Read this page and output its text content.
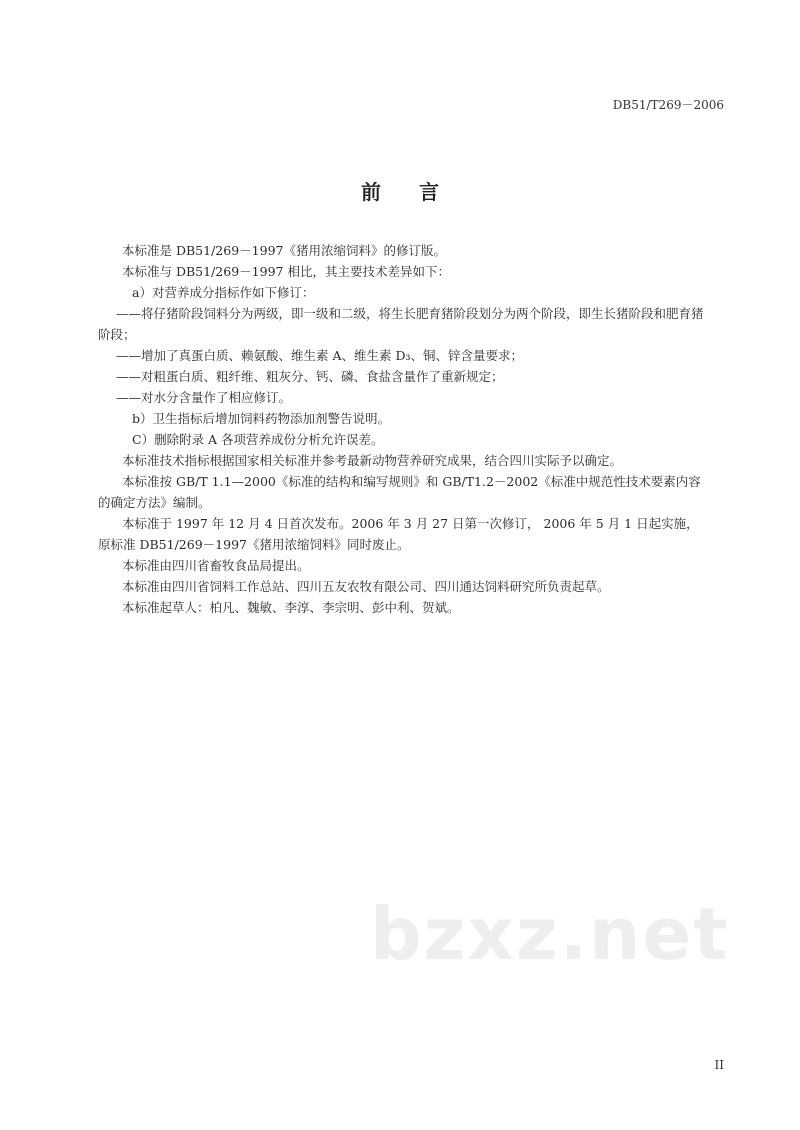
DB51/T269－2006
前言

本标准是 DB51/269－1997《猪用浓缩饲料》的修订版。

本标准与 DB51/269－1997 相比，其主要技术差异如下：

a）对营养成分指标作如下修订：

——将仔猪阶段饲料分为两级，即一级和二级，将生长肥育猪阶段划分为两个阶段，即生长猪阶段和肥育猪阶段；

——增加了真蛋白质、赖氨酸、维生素 A、维生素 D₃、铜、锌含量要求；

——对粗蛋白质、粗纤维、粗灰分、钙、磷、食盐含量作了重新规定；

——对水分含量作了相应修订。

b）卫生指标后增加饲料药物添加剂警告说明。

C）删除附录 A 各项营养成份分析允许误差。

本标准技术指标根据国家相关标准并参考最新动物营养研究成果，结合四川实际予以确定。

本标准按 GB/T 1.1—2000《标准的结构和编写规则》和 GB/T1.2－2002《标准中规范性技术要素内容的确定方法》编制。

本标准于 1997 年 12 月 4 日首次发布。2006 年 3 月 27 日第一次修订， 2006 年 5 月 1 日起实施，原标准 DB51/269－1997《猪用浓缩饲料》同时废止。

本标准由四川省畜牧食品局提出。

本标准由四川省饲料工作总站、四川五友农牧有限公司、四川通达饲料研究所负责起草。

本标准起草人：柏凡、魏敏、李淳、李宗明、彭中利、贺斌。

bzxz.net
II
